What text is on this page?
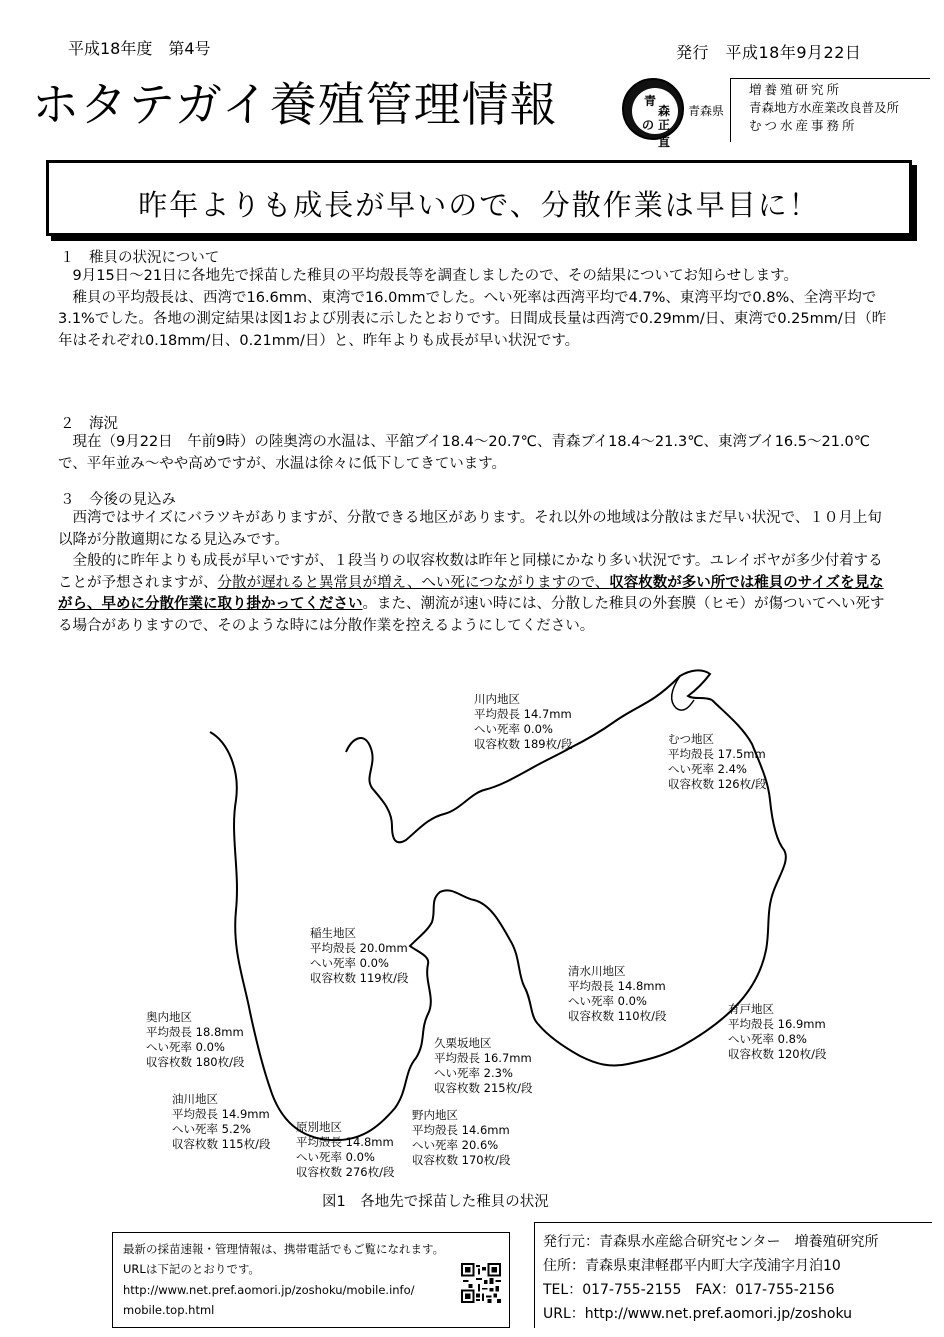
平成18年度　第4号	発行　平成18年9月22日
ホタテガイ養殖管理情報	青
森
の 正直
青森県
増養殖研究所
青森地方水産業改良普及所
むつ水産事務所
昨年よりも成長が早いので、分散作業は早目に！
１　稚貝の状況について
9月15日～21日に各地先で採苗した稚貝の平均殻長等を調査しましたので、その結果についてお知らせします。
稚貝の平均殻長は、西湾で16.6mm、東湾で16.0mmでした。へい死率は西湾平均で4.7%、東湾平均で0.8%、全湾平均で3.1%でした。各地の測定結果は図1および別表に示したとおりです。日間成長量は西湾で0.29mm/日、東湾で0.25mm/日（昨年はそれぞれ0.18mm/日、0.21mm/日）と、昨年よりも成長が早い状況です。
２　海況
現在（9月22日　午前9時）の陸奥湾の水温は、平舘ブイ18.4～20.7℃、青森ブイ18.4～21.3℃、東湾ブイ16.5～21.0℃で、平年並み～やや高めですが、水温は徐々に低下してきています。
３　今後の見込み
西湾ではサイズにバラツキがありますが、分散できる地区があります。それ以外の地域は分散はまだ早い状況で、１０月上旬以降が分散適期になる見込みです。
全般的に昨年よりも成長が早いですが、１段当りの収容枚数は昨年と同様にかなり多い状況です。ユレイボヤが多少付着することが予想されますが、分散が遅れると異常貝が増え、へい死につながりますので、収容枚数が多い所では稚貝のサイズを見ながら、早めに分散作業に取り掛かってください。また、潮流が速い時には、分散した稚貝の外套膜（ヒモ）が傷ついてへい死する場合がありますので、そのような時には分散作業を控えるようにしてください。
川内地区
平均殻長 14.7mm
へい死率 0.0%
収容枚数 189枚/段	むつ地区
平均殻長 17.5mm
へい死率 2.4%
収容枚数 126枚/段
稲生地区
平均殻長 20.0mm
へい死率 0.0%
収容枚数 119枚/段	清水川地区
平均殻長 14.8mm
へい死率 0.0%
収容枚数 110枚/段	有戸地区
平均殻長 16.9mm
へい死率 0.8%
収容枚数 120枚/段
奥内地区
平均殻長 18.8mm
へい死率 0.0%
収容枚数 180枚/段
久栗坂地区
平均殻長 16.7mm
へい死率 2.3%
収容枚数 215枚/段
油川地区
平均殻長 14.9mm
へい死率 5.2%
収容枚数 115枚/段
野内地区
平均殻長 14.6mm
へい死率 20.6%
収容枚数 170枚/段
原別地区
平均殻長 14.8mm
へい死率 0.0%
収容枚数 276枚/段
図1　各地先で採苗した稚貝の状況
最新の採苗速報・管理情報は、携帯電話でもご覧になれます。
URLは下記のとおりです。
http://www.net.pref.aomori.jp/zoshoku/mobile.info/
mobile.top.html
発行元：青森県水産総合研究センター　増養殖研究所
住所：青森県東津軽郡平内町大字茂浦字月泊10
TEL：017-755-2155　FAX：017-755-2156
URL：http://www.net.pref.aomori.jp/zoshoku
